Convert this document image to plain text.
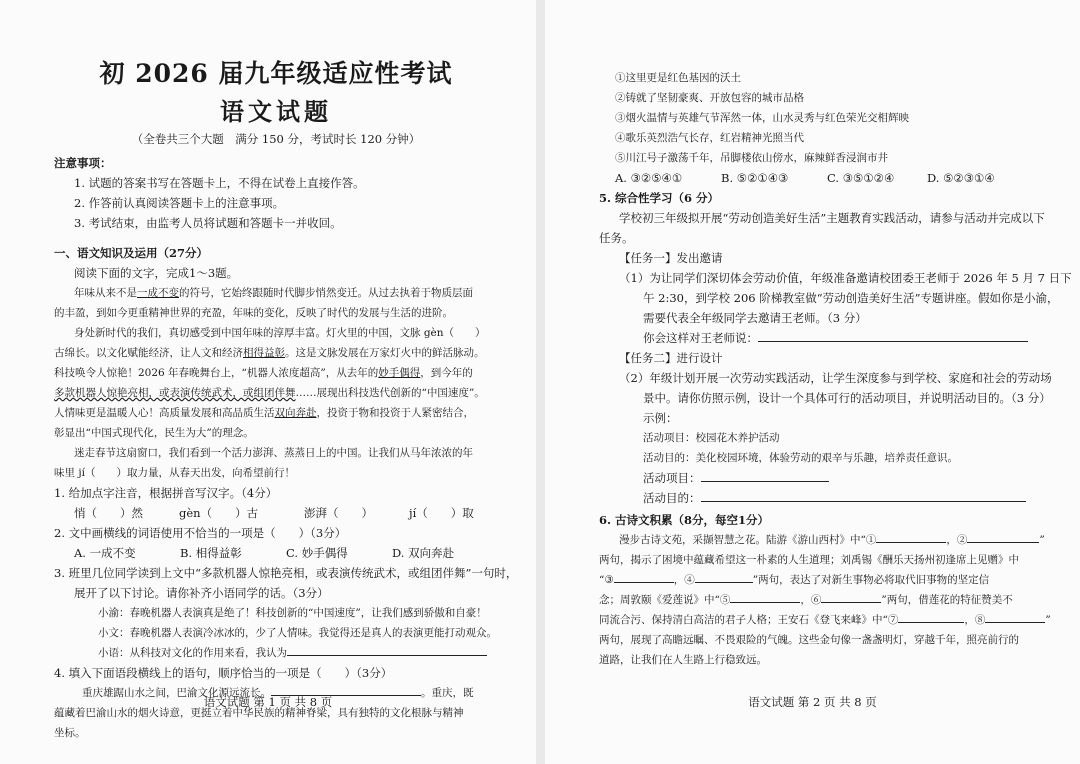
初 2026 届九年级适应性考试
语文试题
（全卷共三个大题　满分 150 分，考试时长 120 分钟）
注意事项：
1. 试题的答案书写在答题卡上，不得在试卷上直接作答。
2. 作答前认真阅读答题卡上的注意事项。
3. 考试结束，由监考人员将试题和答题卡一并收回。
一、语文知识及运用（27分）
阅读下面的文字，完成1～3题。
年味从来不是一成不变的符号，它始终跟随时代脚步悄然变迁。从过去执着于物质层面
的丰盈，到如今更重精神世界的充盈，年味的变化，反映了时代的发展与生活的进阶。
身处新时代的我们，真切感受到中国年味的淳厚丰富。灯火里的中国，文脉 gèn（　　）
古绵长。以文化赋能经济，让人文和经济相得益彰。这是文脉发展在万家灯火中的鲜活脉动。
科技唤令人惊艳！2026 年春晚舞台上，“机器人浓度超高”，从去年的妙手偶得，到今年的
多款机器人惊艳亮相，或表演传统武术，或组团伴舞……展现出科技迭代创新的“中国速度”。
人情味更是温暖人心！高质量发展和高品质生活双向奔赴，投资于物和投资于人紧密结合，
彰显出“中国式现代化，民生为大”的理念。
迷走春节这扇窗口，我们看到一个活力澎湃、蒸蒸日上的中国。让我们从马年浓浓的年
味里 jí（　　）取力量，从春天出发，向希望前行！
1. 给加点字注音，根据拼音写汉字。（4分）
悄（　　）然	gèn（　　）古	澎湃（　　）	jí（　　）取
2. 文中画横线的词语使用不恰当的一项是（　　）（3分）
A. 一成不变	B. 相得益彰	C. 妙手偶得	D. 双向奔赴
3. 班里几位同学读到上文中“多款机器人惊艳亮相，或表演传统武术，或组团伴舞”一句时，
展开了以下讨论。请你补齐小语同学的话。（3分）
小渝：春晚机器人表演真是绝了！科技创新的“中国速度”，让我们感到骄傲和自豪！
小文：春晚机器人表演冷冰冰的，少了人情味。我觉得还是真人的表演更能打动观众。
小语：从科技对文化的作用来看，我认为
4. 填入下面语段横线上的语句，顺序恰当的一项是（　　）（3分）
重庆雄踞山水之间，巴渝文化源远流长。	。重庆，既
蕴藏着巴渝山水的烟火诗意，更挺立着中华民族的精神脊梁，具有独特的文化根脉与精神
坐标。
语文试题 第 1 页 共 8 页
①这里更是红色基因的沃土
②铸就了坚韧豪爽、开放包容的城市品格
③烟火温情与英雄气节浑然一体，山水灵秀与红色荣光交相辉映
④歌乐英烈浩气长存，红岩精神光照当代
⑤川江号子激荡千年，吊脚楼依山傍水，麻辣鲜香浸润市井
A. ③②⑤④①	B. ⑤②①④③	C. ③⑤①②④	D. ⑤②③①④
5. 综合性学习（6 分）
学校初三年级拟开展“劳动创造美好生活”主题教育实践活动，请参与活动并完成以下
任务。
【任务一】发出邀请
（1）为让同学们深切体会劳动价值，年级准备邀请校团委王老师于 2026 年 5 月 7 日下
午 2:30，到学校 206 阶梯教室做“劳动创造美好生活”专题讲座。假如你是小渝，
需要代表全年级同学去邀请王老师。（3 分）
你会这样对王老师说：
【任务二】进行设计
（2）年级计划开展一次劳动实践活动，让学生深度参与到学校、家庭和社会的劳动场
景中。请你仿照示例，设计一个具体可行的活动项目，并说明活动目的。（3 分）
示例：
活动项目：校园花木养护活动
活动目的：美化校园环境，体验劳动的艰辛与乐趣，培养责任意识。
活动项目：
活动目的：
6. 古诗文积累（8分，每空1分）
漫步古诗文苑，采撷智慧之花。陆游《游山西村》中“①	，②	”
两句，揭示了困境中蕴藏希望这一朴素的人生道理；刘禹锡《酬乐天扬州初逢席上见赠》中
“③	，④	”两句，表达了对新生事物必将取代旧事物的坚定信
念；周敦颐《爱莲说》中“⑤	，⑥	”两句，借莲花的特征赞美不
同流合污、保持清白高洁的君子人格；王安石《登飞来峰》中“⑦	，⑧	”
两句，展现了高瞻远瞩、不畏艰险的气魄。这些金句像一盏盏明灯，穿越千年，照亮前行的
道路，让我们在人生路上行稳致远。
语文试题 第 2 页 共 8 页
